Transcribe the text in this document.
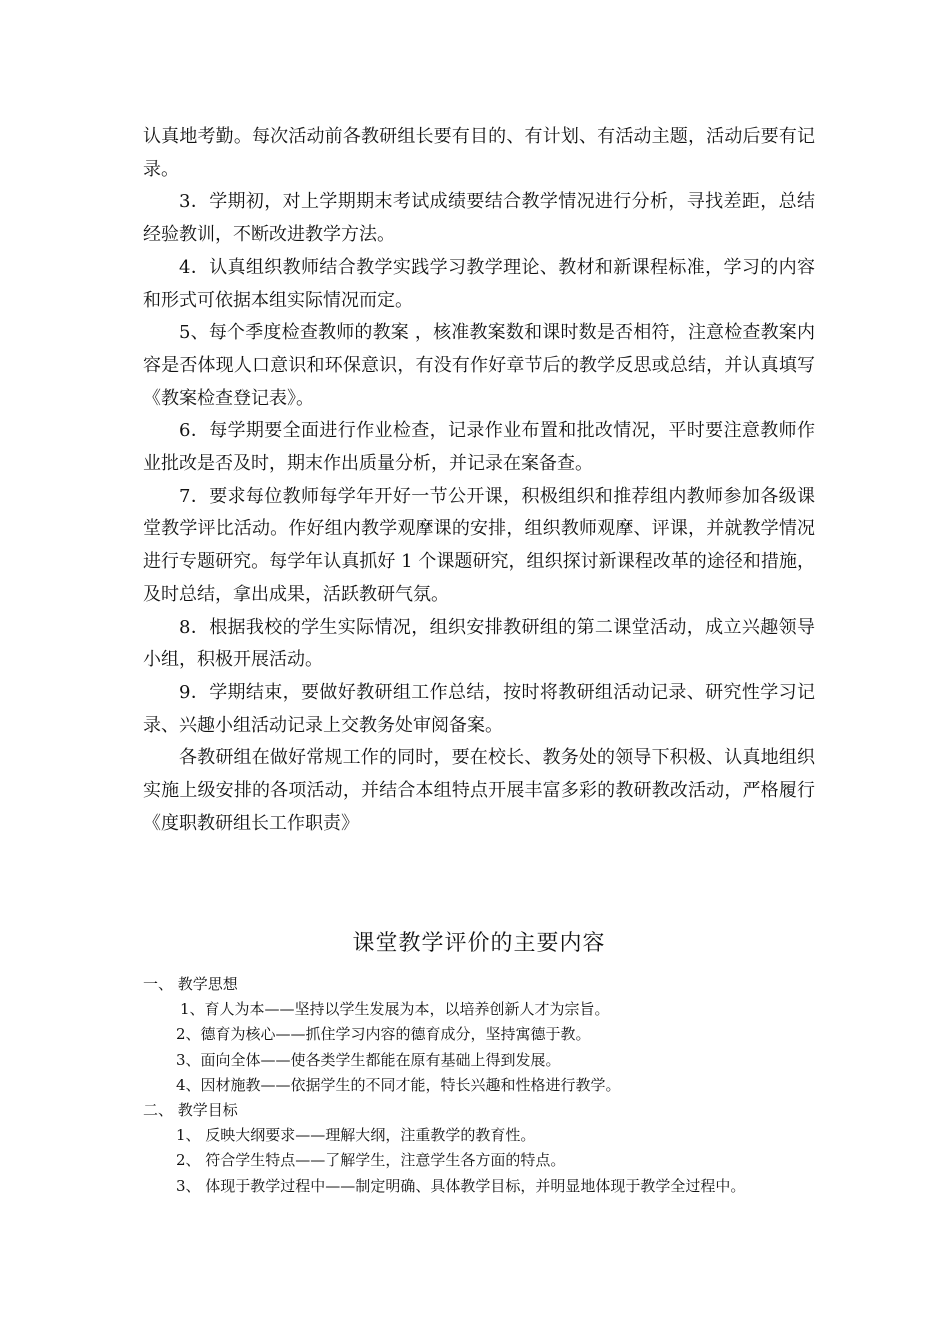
认真地考勤。每次活动前各教研组长要有目的、有计划、有活动主题，活动后要有记录。

3．学期初，对上学期期末考试成绩要结合教学情况进行分析，寻找差距，总结经验教训，不断改进教学方法。

4．认真组织教师结合教学实践学习教学理论、教材和新课程标准，学习的内容和形式可依据本组实际情况而定。

5、每个季度检查教师的教案 ，核准教案数和课时数是否相符，注意检查教案内容是否体现人口意识和环保意识，有没有作好章节后的教学反思或总结，并认真填写《教案检查登记表》。

6．每学期要全面进行作业检查，记录作业布置和批改情况，平时要注意教师作业批改是否及时，期末作出质量分析，并记录在案备查。

7．要求每位教师每学年开好一节公开课，积极组织和推荐组内教师参加各级课堂教学评比活动。作好组内教学观摩课的安排，组织教师观摩、评课，并就教学情况进行专题研究。每学年认真抓好 1 个课题研究，组织探讨新课程改革的途径和措施，及时总结，拿出成果，活跃教研气氛。

8．根据我校的学生实际情况，组织安排教研组的第二课堂活动，成立兴趣领导小组，积极开展活动。

9．学期结束，要做好教研组工作总结，按时将教研组活动记录、研究性学习记录、兴趣小组活动记录上交教务处审阅备案。

各教研组在做好常规工作的同时，要在校长、教务处的领导下积极、认真地组织实施上级安排的各项活动，并结合本组特点开展丰富多彩的教研教改活动，严格履行《度职教研组长工作职责》

课堂教学评价的主要内容

一、 教学思想

1、育人为本——坚持以学生发展为本，以培养创新人才为宗旨。

2、德育为核心——抓住学习内容的德育成分，坚持寓德于教。

3、面向全体——使各类学生都能在原有基础上得到发展。

4、因材施教——依据学生的不同才能，特长兴趣和性格进行教学。

二、 教学目标

1、 反映大纲要求——理解大纲，注重教学的教育性。

2、 符合学生特点——了解学生，注意学生各方面的特点。

3、 体现于教学过程中——制定明确、具体教学目标，并明显地体现于教学全过程中。
